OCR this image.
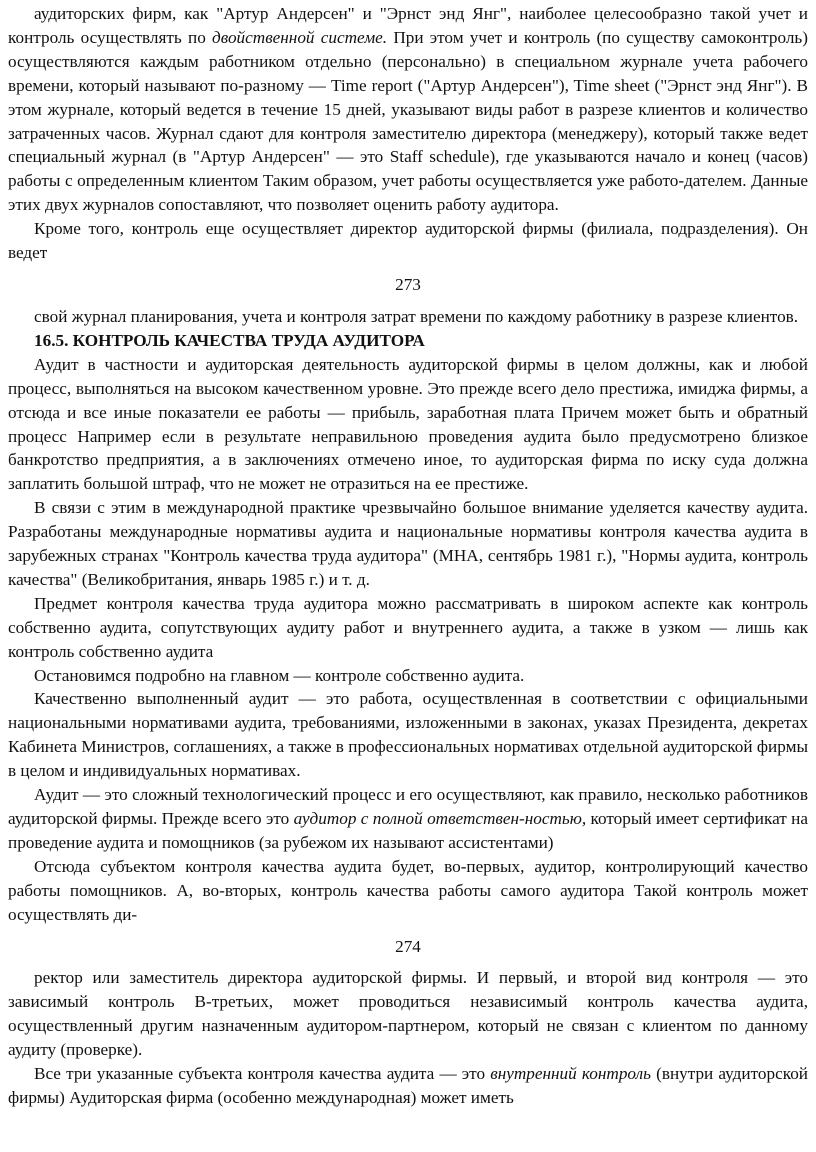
аудиторских фирм, как "Артур Андерсен" и "Эрнст энд Янг", наиболее целесообразно такой учет и контроль осуществлять по двойственной системе. При этом учет и контроль (по существу самоконтроль) осуществляются каждым работником отдельно (персонально) в специальном журнале учета рабочего времени, который называют по-разному — Time report ("Артур Андерсен"), Time sheet ("Эрнст энд Янг"). В этом журнале, который ведется в течение 15 дней, указывают виды работ в разрезе клиентов и количество затраченных часов. Журнал сдают для контроля заместителю директора (менеджеру), который также ведет специальный журнал (в "Артур Андерсен" — это Staff schedule), где указываются начало и конец (часов) работы с определенным клиентом Таким образом, учет работы осуществляется уже работо-дателем. Данные этих двух журналов сопоставляют, что позволяет оценить работу аудитора.

Кроме того, контроль еще осуществляет директор аудиторской фирмы (филиала, подразделения). Он ведет

273

свой журнал планирования, учета и контроля затрат времени по каждому работнику в разрезе клиентов.

16.5. КОНТРОЛЬ КАЧЕСТВА ТРУДА АУДИТОРА

Аудит в частности и аудиторская деятельность аудиторской фирмы в целом должны, как и любой процесс, выполняться на высоком качественном уровне. Это прежде всего дело престижа, имиджа фирмы, а отсюда и все иные показатели ее работы — прибыль, заработная плата Причем может быть и обратный процесс Например если в результате неправильною проведения аудита было предусмотрено близкое банкротство предприятия, а в заключениях отмечено иное, то аудиторская фирма по иску суда должна заплатить большой штраф, что не может не отразиться на ее престиже.

В связи с этим в международной практике чрезвычайно большое внимание уделяется качеству аудита. Разработаны международные нормативы аудита и национальные нормативы контроля качества аудита в зарубежных странах "Контроль качества труда аудитора" (МНА, сентябрь 1981 г.), "Нормы аудита, контроль качества" (Великобритания, январь 1985 г.) и т. д.

Предмет контроля качества труда аудитора можно рассматривать в широком аспекте как контроль собственно аудита, сопутствующих аудиту работ и внутреннего аудита, а также в узком — лишь как контроль собственно аудита

Остановимся подробно на главном — контроле собственно аудита.

Качественно выполненный аудит — это работа, осуществленная в соответствии с официальными национальными нормативами аудита, требованиями, изложенными в законах, указах Президента, декретах Кабинета Министров, соглашениях, а также в профессиональных нормативах отдельной аудиторской фирмы в целом и индивидуальных нормативах.

Аудит — это сложный технологический процесс и его осуществляют, как правило, несколько работников аудиторской фирмы. Прежде всего это аудитор с полной ответствен-ностью, который имеет сертификат на проведение аудита и помощников (за рубежом их называют ассистентами)

Отсюда субъектом контроля качества аудита будет, во-первых, аудитор, контролирующий качество работы помощников. А, во-вторых, контроль качества работы самого аудитора Такой контроль может осуществлять ди-

274

ректор или заместитель директора аудиторской фирмы. И первый, и второй вид контроля — это зависимый контроль В-третьих, может проводиться независимый контроль качества аудита, осуществленный другим назначенным аудитором-партнером, который не связан с клиентом по данному аудиту (проверке).

Все три указанные субъекта контроля качества аудита — это внутренний контроль (внутри аудиторской фирмы) Аудиторская фирма (особенно международная) может иметь
